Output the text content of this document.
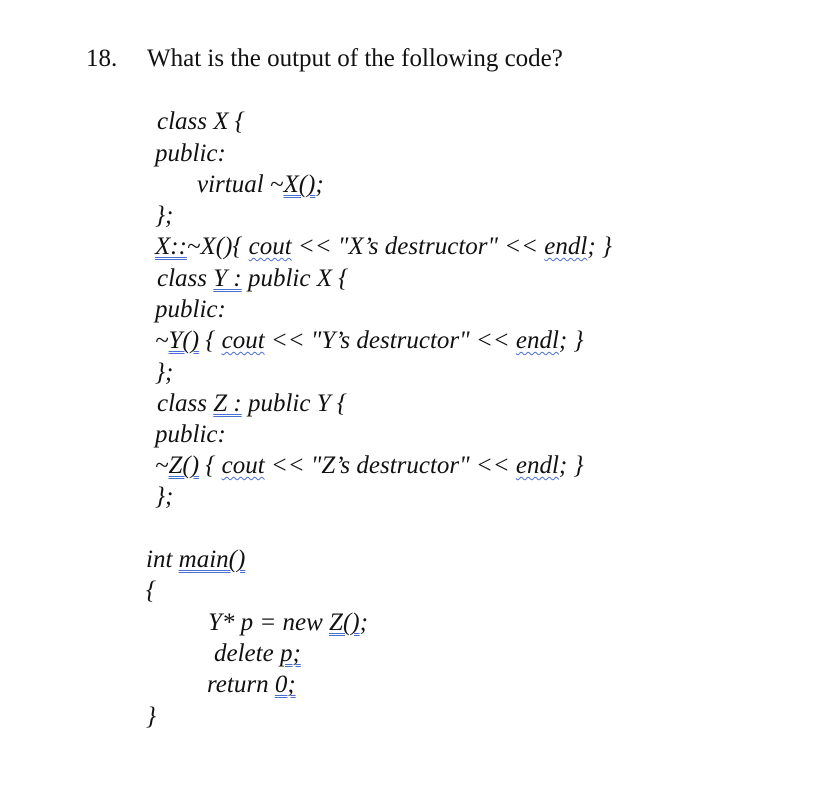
18. What is the output of the following code?
class X {
public:
virtual ~X();
};
X::~X(){ cout << "X’s destructor" << endl; }
class Y : public X {
public:
~Y() { cout << "Y’s destructor" << endl; }
};
class Z : public Y {
public:
~Z() { cout << "Z’s destructor" << endl; }
};
int main()
{
Y* p = new Z();
delete p;
return 0;
}
